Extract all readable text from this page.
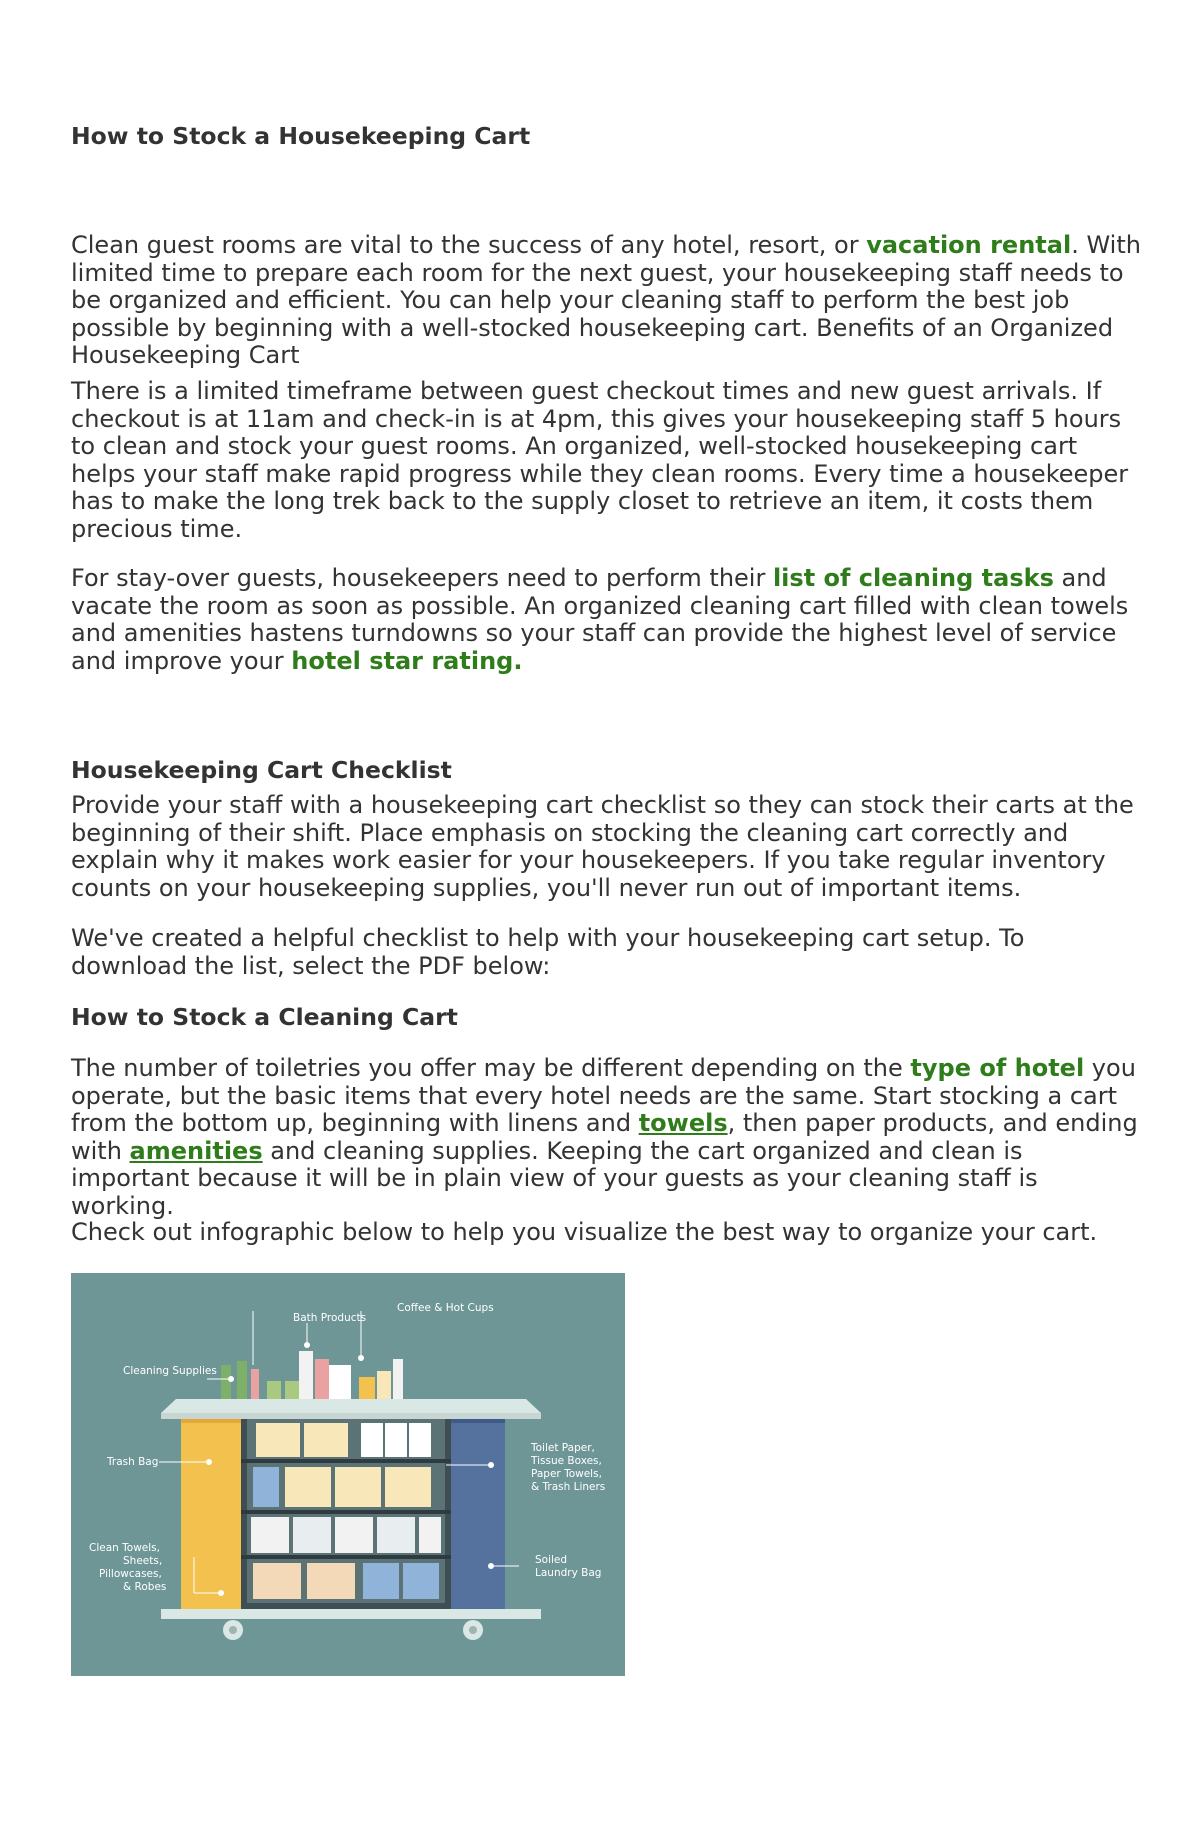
How to Stock a Housekeeping Cart

Clean guest rooms are vital to the success of any hotel, resort, or vacation rental. With limited time to prepare each room for the next guest, your housekeeping staff needs to be organized and efficient. You can help your cleaning staff to perform the best job possible by beginning with a well-stocked housekeeping cart. Benefits of an Organized Housekeeping Cart

There is a limited timeframe between guest checkout times and new guest arrivals. If checkout is at 11am and check-in is at 4pm, this gives your housekeeping staff 5 hours to clean and stock your guest rooms. An organized, well-stocked housekeeping cart helps your staff make rapid progress while they clean rooms. Every time a housekeeper has to make the long trek back to the supply closet to retrieve an item, it costs them precious time.

For stay-over guests, housekeepers need to perform their list of cleaning tasks and vacate the room as soon as possible. An organized cleaning cart filled with clean towels and amenities hastens turndowns so your staff can provide the highest level of service and improve your hotel star rating.

Housekeeping Cart Checklist

Provide your staff with a housekeeping cart checklist so they can stock their carts at the beginning of their shift. Place emphasis on stocking the cleaning cart correctly and explain why it makes work easier for your housekeepers. If you take regular inventory counts on your housekeeping supplies, you'll never run out of important items.

We've created a helpful checklist to help with your housekeeping cart setup. To download the list, select the PDF below:

How to Stock a Cleaning Cart

The number of toiletries you offer may be different depending on the type of hotel you operate, but the basic items that every hotel needs are the same. Start stocking a cart from the bottom up, beginning with linens and towels, then paper products, and ending with amenities and cleaning supplies. Keeping the cart organized and clean is important because it will be in plain view of your guests as your cleaning staff is working.

Check out infographic below to help you visualize the best way to organize your cart.

Bath Products
Coffee & Hot Cups
Cleaning Supplies
Trash Bag
Toilet Paper,
Tissue Boxes,
Paper Towels,
& Trash Liners
Clean Towels,
Sheets,
Pillowcases,
& Robes
Soiled
Laundry Bag
